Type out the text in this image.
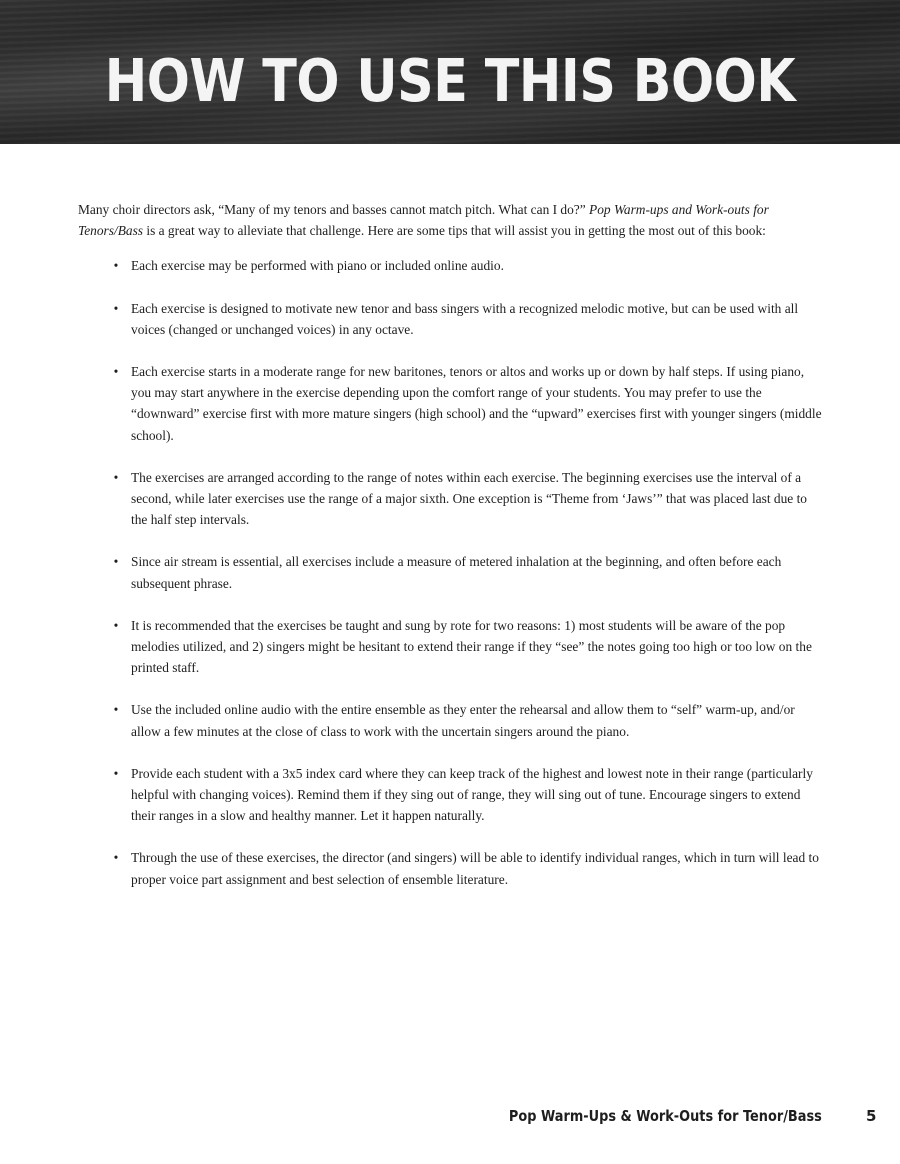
HOW TO USE THIS BOOK

Many choir directors ask, “Many of my tenors and basses cannot match pitch. What can I do?” Pop Warm-ups and Work-outs for Tenors/Bass is a great way to alleviate that challenge. Here are some tips that will assist you in getting the most out of this book:

• Each exercise may be performed with piano or included online audio.
• Each exercise is designed to motivate new tenor and bass singers with a recognized melodic motive, but can be used with all voices (changed or unchanged voices) in any octave.
• Each exercise starts in a moderate range for new baritones, tenors or altos and works up or down by half steps. If using piano, you may start anywhere in the exercise depending upon the comfort range of your students. You may prefer to use the “downward” exercise first with more mature singers (high school) and the “upward” exercises first with younger singers (middle school).
• The exercises are arranged according to the range of notes within each exercise. The beginning exercises use the interval of a second, while later exercises use the range of a major sixth. One exception is “Theme from ‘Jaws’” that was placed last due to the half step intervals.
• Since air stream is essential, all exercises include a measure of metered inhalation at the beginning, and often before each subsequent phrase.
• It is recommended that the exercises be taught and sung by rote for two reasons: 1) most students will be aware of the pop melodies utilized, and 2) singers might be hesitant to extend their range if they “see” the notes going too high or too low on the printed staff.
• Use the included online audio with the entire ensemble as they enter the rehearsal and allow them to “self” warm-up, and/or allow a few minutes at the close of class to work with the uncertain singers around the piano.
• Provide each student with a 3x5 index card where they can keep track of the highest and lowest note in their range (particularly helpful with changing voices). Remind them if they sing out of range, they will sing out of tune. Encourage singers to extend their ranges in a slow and healthy manner. Let it happen naturally.
• Through the use of these exercises, the director (and singers) will be able to identify individual ranges, which in turn will lead to proper voice part assignment and best selection of ensemble literature.
Pop Warm-Ups & Work-Outs for Tenor/Bass	5
